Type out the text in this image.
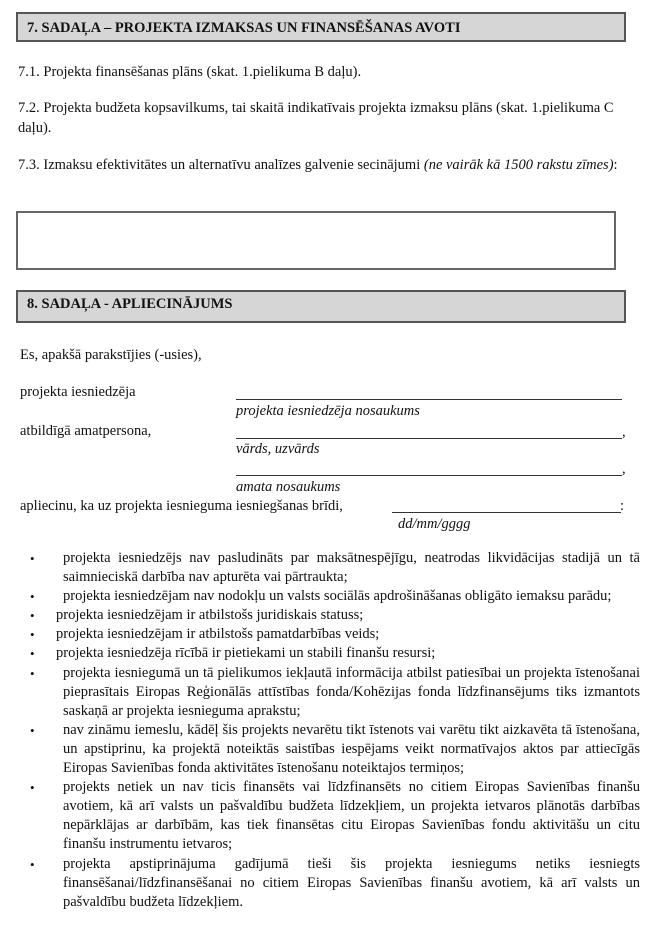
7. SADAĻA – PROJEKTA IZMAKSAS UN FINANSĒŠANAS AVOTI
7.1. Projekta finansēšanas plāns (skat. 1.pielikuma B daļu).
7.2. Projekta budžeta kopsavilkums, tai skaitā indikatīvais projekta izmaksu plāns (skat. 1.pielikuma C daļu).
7.3. Izmaksu efektivitātes un alternatīvu analīzes galvenie secinājumi (ne vairāk kā 1500 rakstu zīmes):
8. SADAĻA - APLIECINĀJUMS
Es, apakšā parakstījies (-usies),
projekta iesniedzēja
projekta iesniedzēja nosaukums
atbildīgā amatpersona,	,
vārds, uzvārds
,
amata nosaukums
apliecinu, ka uz projekta iesnieguma iesniegšanas brīdi,	:
dd/mm/gggg
• projekta iesniedzējs nav pasludināts par maksātnespējīgu, neatrodas likvidācijas stadijā un tā saimnieciskā darbība nav apturēta vai pārtraukta;
• projekta iesniedzējam nav nodokļu un valsts sociālās apdrošināšanas obligāto iemaksu parādu;
• projekta iesniedzējam ir atbilstošs juridiskais statuss;
• projekta iesniedzējam ir atbilstošs pamatdarbības veids;
• projekta iesniedzēja rīcībā ir pietiekami un stabili finanšu resursi;
• projekta iesniegumā un tā pielikumos iekļautā informācija atbilst patiesībai un projekta īstenošanai pieprasītais Eiropas Reģionālās attīstības fonda/Kohēzijas fonda līdzfinansējums tiks izmantots saskaņā ar projekta iesnieguma aprakstu;
• nav zināmu iemeslu, kādēļ šis projekts nevarētu tikt īstenots vai varētu tikt aizkavēta tā īstenošana, un apstiprinu, ka projektā noteiktās saistības iespējams veikt normatīvajos aktos par attiecīgās Eiropas Savienības fonda aktivitātes īstenošanu noteiktajos termiņos;
• projekts netiek un nav ticis finansēts vai līdzfinansēts no citiem Eiropas Savienības finanšu avotiem, kā arī valsts un pašvaldību budžeta līdzekļiem, un projekta ietvaros plānotās darbības nepārklājas ar darbībām, kas tiek finansētas citu Eiropas Savienības fondu aktivitāšu un citu finanšu instrumentu ietvaros;
• projekta apstiprinājuma gadījumā tieši šis projekta iesniegums netiks iesniegts finansēšanai/līdzfinansēšanai no citiem Eiropas Savienības finanšu avotiem, kā arī valsts un pašvaldību budžeta līdzekļiem.
